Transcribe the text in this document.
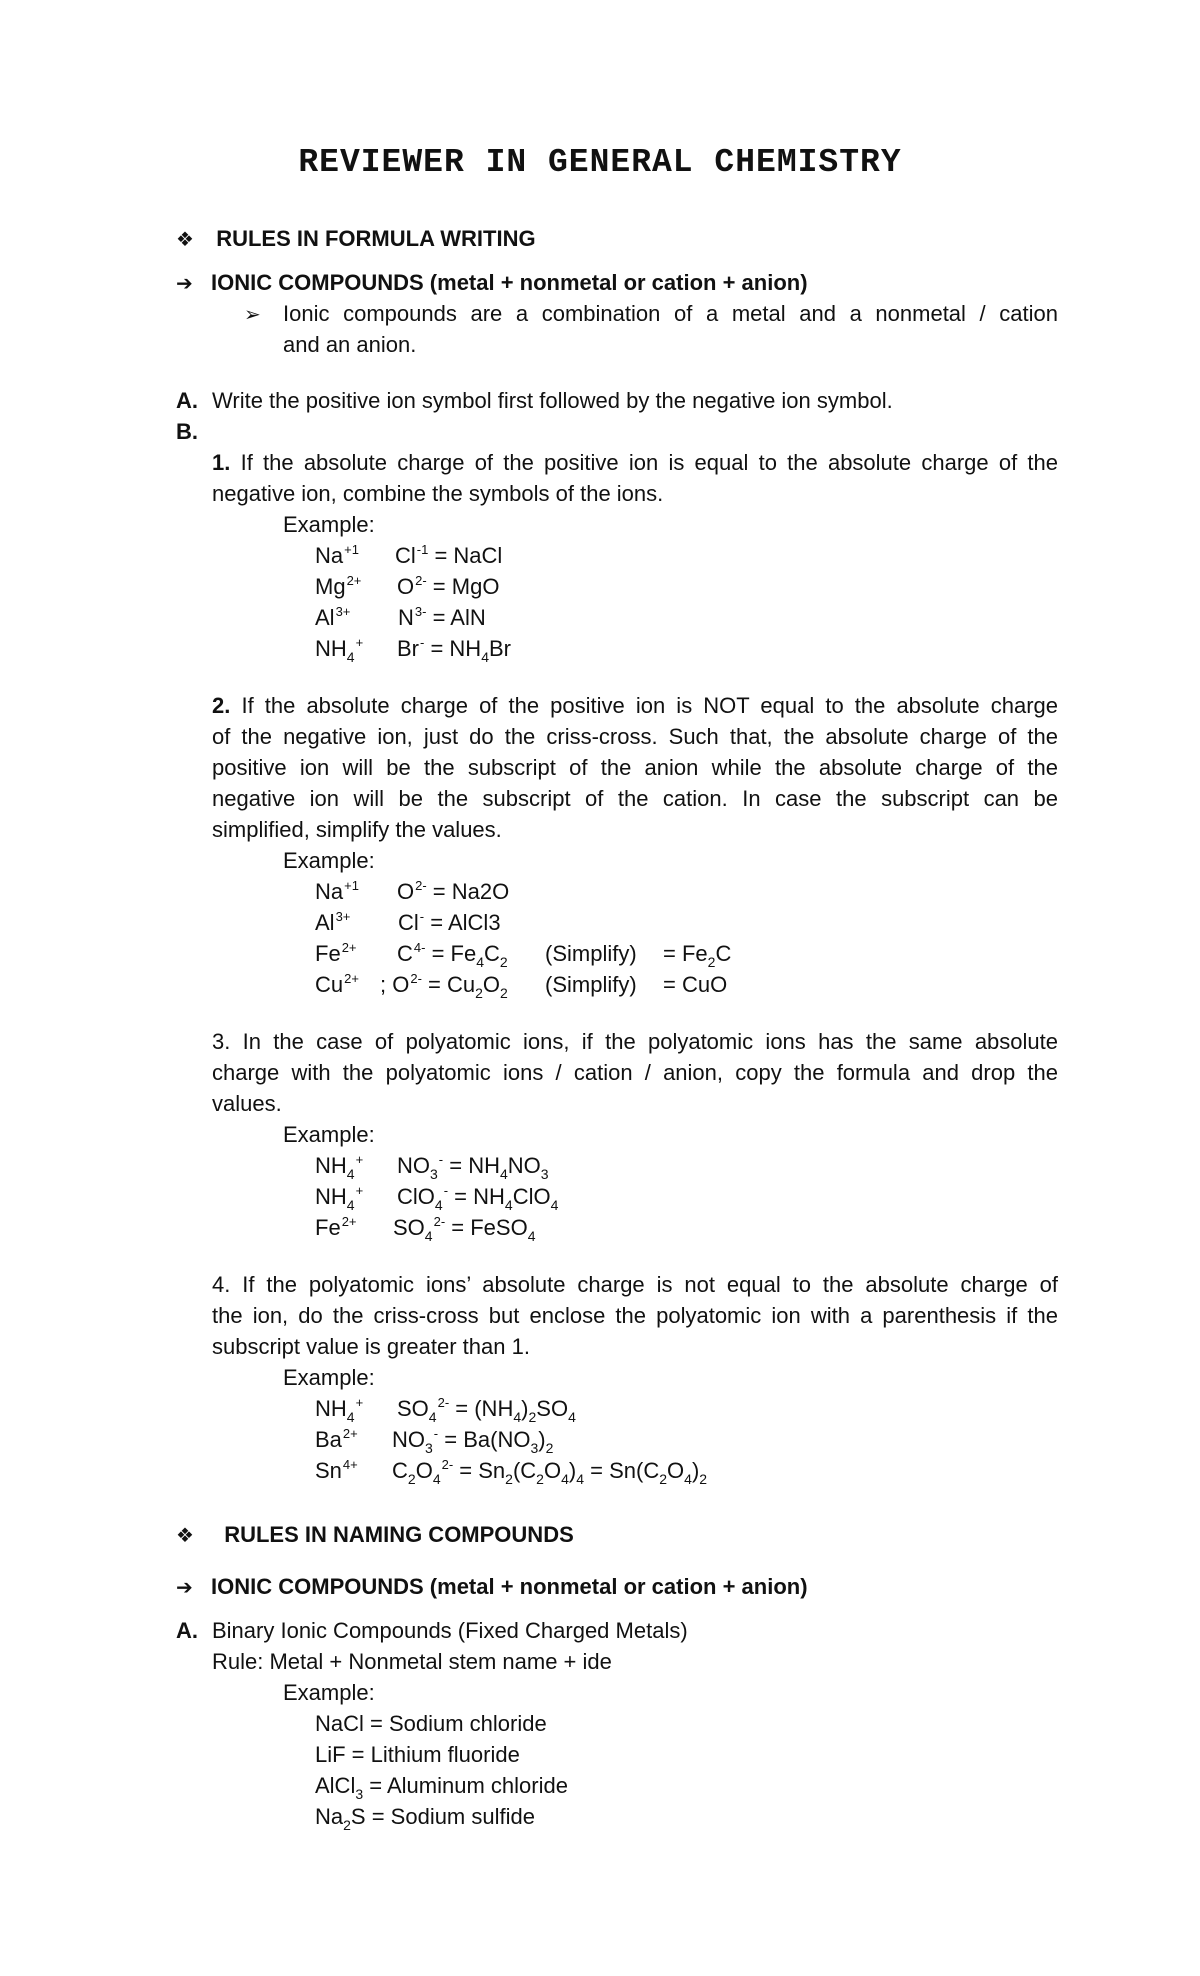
REVIEWER IN GENERAL CHEMISTRY
❖ RULES IN FORMULA WRITING
➔ IONIC COMPOUNDS (metal + nonmetal or cation + anion)
➢ Ionic compounds are a combination of a metal and a nonmetal / cation
and an anion.
A. Write the positive ion symbol first followed by the negative ion symbol.
B.
1. If the absolute charge of the positive ion is equal to the absolute charge of the
negative ion, combine the symbols of the ions.
Example:
$Na^{+1}$ $Cl^{-1}$ = NaCl
$Mg^{2+}$ $O^{2-}$ = MgO
$Al^{3+}$ $N^{3-}$ = AlN
$NH_4^+$ $Br^- = NH_4Br$
2. If the absolute charge of the positive ion is NOT equal to the absolute charge
of the negative ion, just do the criss-cross. Such that, the absolute charge of the
positive ion will be the subscript of the anion while the absolute charge of the
negative ion will be the subscript of the cation. In case the subscript can be
simplified, simplify the values.
Example:
$Na^{+1}$ $O^{2-} = Na2O$
$Al^{3+}$ Cl- = AlCl3
$Fe^{2+}$ $C^{4-} = Fe_4C_2$ (Simplify) = $Fe_2C$
$Cu^{2+}$ ; $O^{2-} = Cu_2O_2$ (Simplify) = CuO
3. In the case of polyatomic ions, if the polyatomic ions has the same absolute
charge with the polyatomic ions / cation / anion, copy the formula and drop the
values.
Example:
$NH_4^+$ $NO_3^- = NH_4NO_3$
$NH_4^+$ $ClO_4^- = NH_4ClO_4$
$Fe^{2+}$ $SO_4^{2-}$ = FeSO$_4$
4. If the polyatomic ions’ absolute charge is not equal to the absolute charge of
the ion, do the criss-cross but enclose the polyatomic ion with a parenthesis if the
subscript value is greater than 1.
Example:
$NH_4^+$ $SO_4^{2-} = (NH_4)_2SO_4$
$Ba^{2+}$ $NO_3^- = Ba(NO_3)_2$
$Sn^{4+}$ $C_2O_4^{2-} = Sn_2(C_2O_4)_4 = Sn(C_2O_4)_2$
❖ RULES IN NAMING COMPOUNDS
➔ IONIC COMPOUNDS (metal + nonmetal or cation + anion)
A. Binary Ionic Compounds (Fixed Charged Metals)
Rule: Metal + Nonmetal stem name + ide
Example:
NaCl = Sodium chloride
LiF = Lithium fluoride
AlCl$_3$ = Aluminum chloride
$Na_2S$ = Sodium sulfide
